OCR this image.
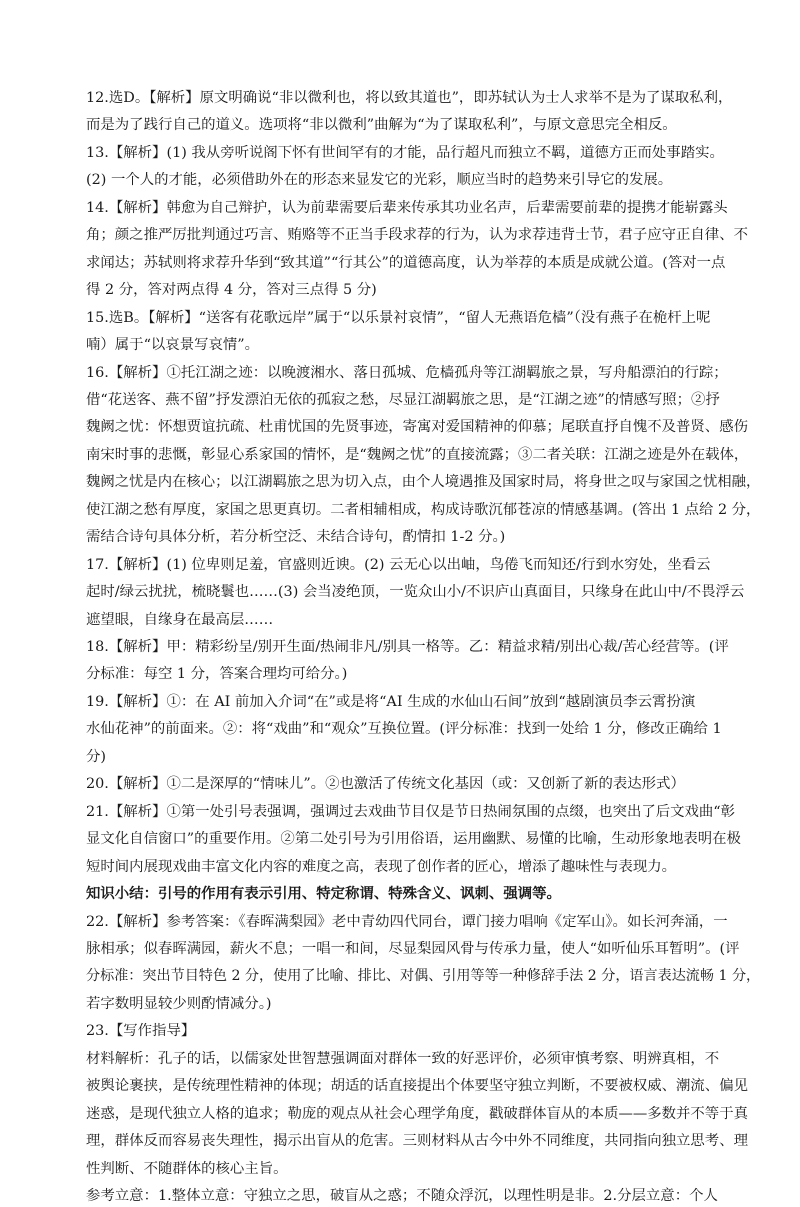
12.选D。【解析】原文明确说“非以微利也，将以致其道也”，即苏轼认为士人求举不是为了谋取私利，
而是为了践行自己的道义。选项将“非以微利”曲解为“为了谋取私利”，与原文意思完全相反。
13.【解析】(1) 我从旁听说阁下怀有世间罕有的才能，品行超凡而独立不羁，道德方正而处事踏实。
(2) 一个人的才能，必须借助外在的形态来显发它的光彩，顺应当时的趋势来引导它的发展。
14.【解析】韩愈为自己辩护，认为前辈需要后辈来传承其功业名声，后辈需要前辈的提携才能崭露头
角；颜之推严厉批判通过巧言、贿赂等不正当手段求荐的行为，认为求荐违背士节，君子应守正自律、不
求闻达；苏轼则将求荐升华到“致其道”“行其公”的道德高度，认为举荐的本质是成就公道。(答对一点
得 2 分，答对两点得 4 分，答对三点得 5 分)
15.选B。【解析】“送客有花歌远岸”属于“以乐景衬哀情”，“留人无燕语危樯”（没有燕子在桅杆上呢
喃）属于“以哀景写哀情”。
16.【解析】①托江湖之迹：以晚渡湘水、落日孤城、危樯孤舟等江湖羁旅之景，写舟船漂泊的行踪；
借“花送客、燕不留”抒发漂泊无依的孤寂之愁，尽显江湖羁旅之思，是“江湖之迹”的情感写照；②抒
魏阙之忧：怀想贾谊抗疏、杜甫忧国的先贤事迹，寄寓对爱国精神的仰慕；尾联直抒自愧不及普贤、感伤
南宋时事的悲慨，彰显心系家国的情怀，是“魏阙之忧”的直接流露；③二者关联：江湖之迹是外在载体，
魏阙之忧是内在核心；以江湖羁旅之思为切入点，由个人境遇推及国家时局，将身世之叹与家国之忧相融，
使江湖之愁有厚度，家国之思更真切。二者相辅相成，构成诗歌沉郁苍凉的情感基调。(答出 1 点给 2 分，
需结合诗句具体分析，若分析空泛、未结合诗句，酌情扣 1-2 分。)
17.【解析】(1) 位卑则足羞，官盛则近谀。(2) 云无心以出岫，鸟倦飞而知还/行到水穷处，坐看云
起时/绿云扰扰，梳晓鬟也……(3) 会当凌绝顶，一览众山小/不识庐山真面目，只缘身在此山中/不畏浮云
遮望眼，自缘身在最高层……
18.【解析】甲：精彩纷呈/别开生面/热闹非凡/别具一格等。乙：精益求精/别出心裁/苦心经营等。(评
分标准：每空 1 分，答案合理均可给分。)
19.【解析】①：在 AI 前加入介词“在”或是将“AI 生成的水仙山石间”放到“越剧演员李云霄扮演
水仙花神”的前面来。②：将“戏曲”和“观众”互换位置。(评分标准：找到一处给 1 分，修改正确给 1
分)
20.【解析】①二是深厚的“情味儿”。②也激活了传统文化基因（或：又创新了新的表达形式）
21.【解析】①第一处引号表强调，强调过去戏曲节目仅是节日热闹氛围的点缀，也突出了后文戏曲“彰
显文化自信窗口”的重要作用。②第二处引号为引用俗语，运用幽默、易懂的比喻，生动形象地表明在极
短时间内展现戏曲丰富文化内容的难度之高，表现了创作者的匠心，增添了趣味性与表现力。
知识小结：引号的作用有表示引用、特定称谓、特殊含义、讽刺、强调等。
22.【解析】参考答案：《春晖满梨园》老中青幼四代同台，谭门接力唱响《定军山》。如长河奔涌，一
脉相承；似春晖满园，薪火不息；一唱一和间，尽显梨园风骨与传承力量，使人“如听仙乐耳暂明”。(评
分标准：突出节目特色 2 分，使用了比喻、排比、对偶、引用等等一种修辞手法 2 分，语言表达流畅 1 分，
若字数明显较少则酌情减分。)
23.【写作指导】
材料解析：孔子的话，以儒家处世智慧强调面对群体一致的好恶评价，必须审慎考察、明辨真相，不
被舆论裹挟，是传统理性精神的体现；胡适的话直接提出个体要坚守独立判断，不要被权威、潮流、偏见
迷惑，是现代独立人格的追求；勒庞的观点从社会心理学角度，戳破群体盲从的本质——多数并不等于真
理，群体反而容易丧失理性，揭示出盲从的危害。三则材料从古今中外不同维度，共同指向独立思考、理
性判断、不随群体的核心主旨。
参考立意：1.整体立意：守独立之思，破盲从之惑；不随众浮沉，以理性明是非。2.分层立意：个人
